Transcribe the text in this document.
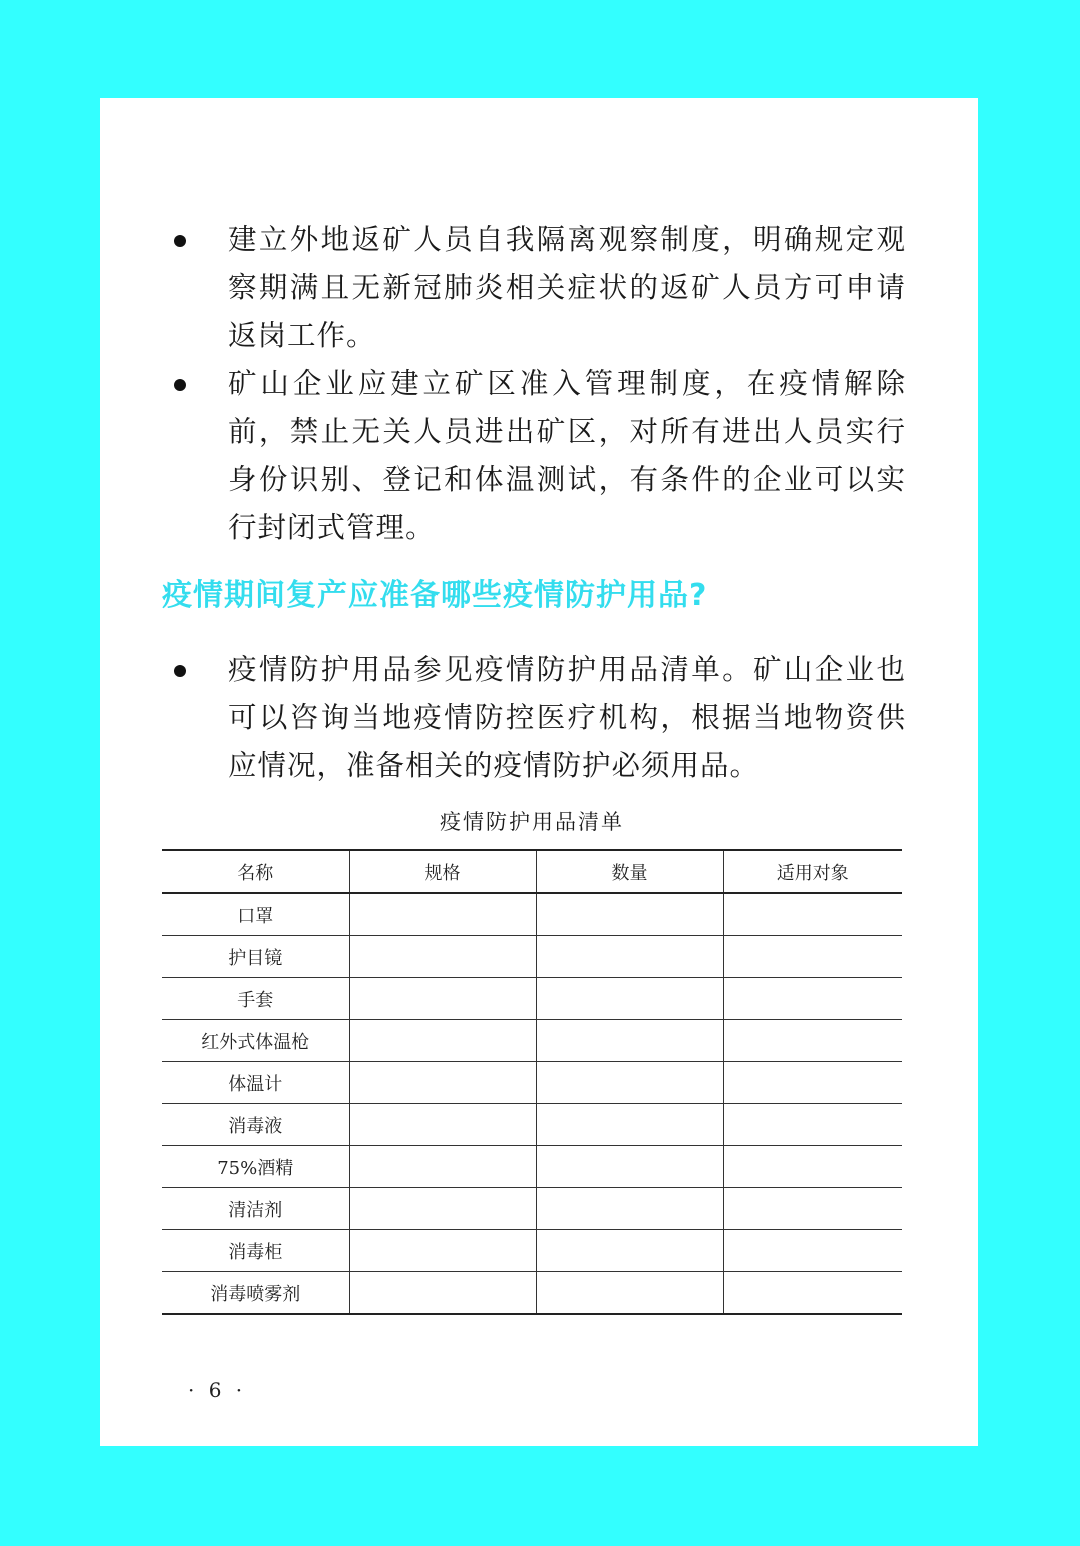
建立外地返矿人员自我隔离观察制度，明确规定观察期满且无新冠肺炎相关症状的返矿人员方可申请返岗工作。
矿山企业应建立矿区准入管理制度，在疫情解除前，禁止无关人员进出矿区，对所有进出人员实行身份识别、登记和体温测试，有条件的企业可以实行封闭式管理。
疫情期间复产应准备哪些疫情防护用品?
疫情防护用品参见疫情防护用品清单。矿山企业也可以咨询当地疫情防控医疗机构，根据当地物资供应情况，准备相关的疫情防护必须用品。
疫情防护用品清单
名称	规格	数量	适用对象
口罩			
护目镜			
手套			
红外式体温枪			
体温计			
消毒液			
75%酒精			
清洁剂			
消毒柜			
消毒喷雾剂			
· 6 ·
